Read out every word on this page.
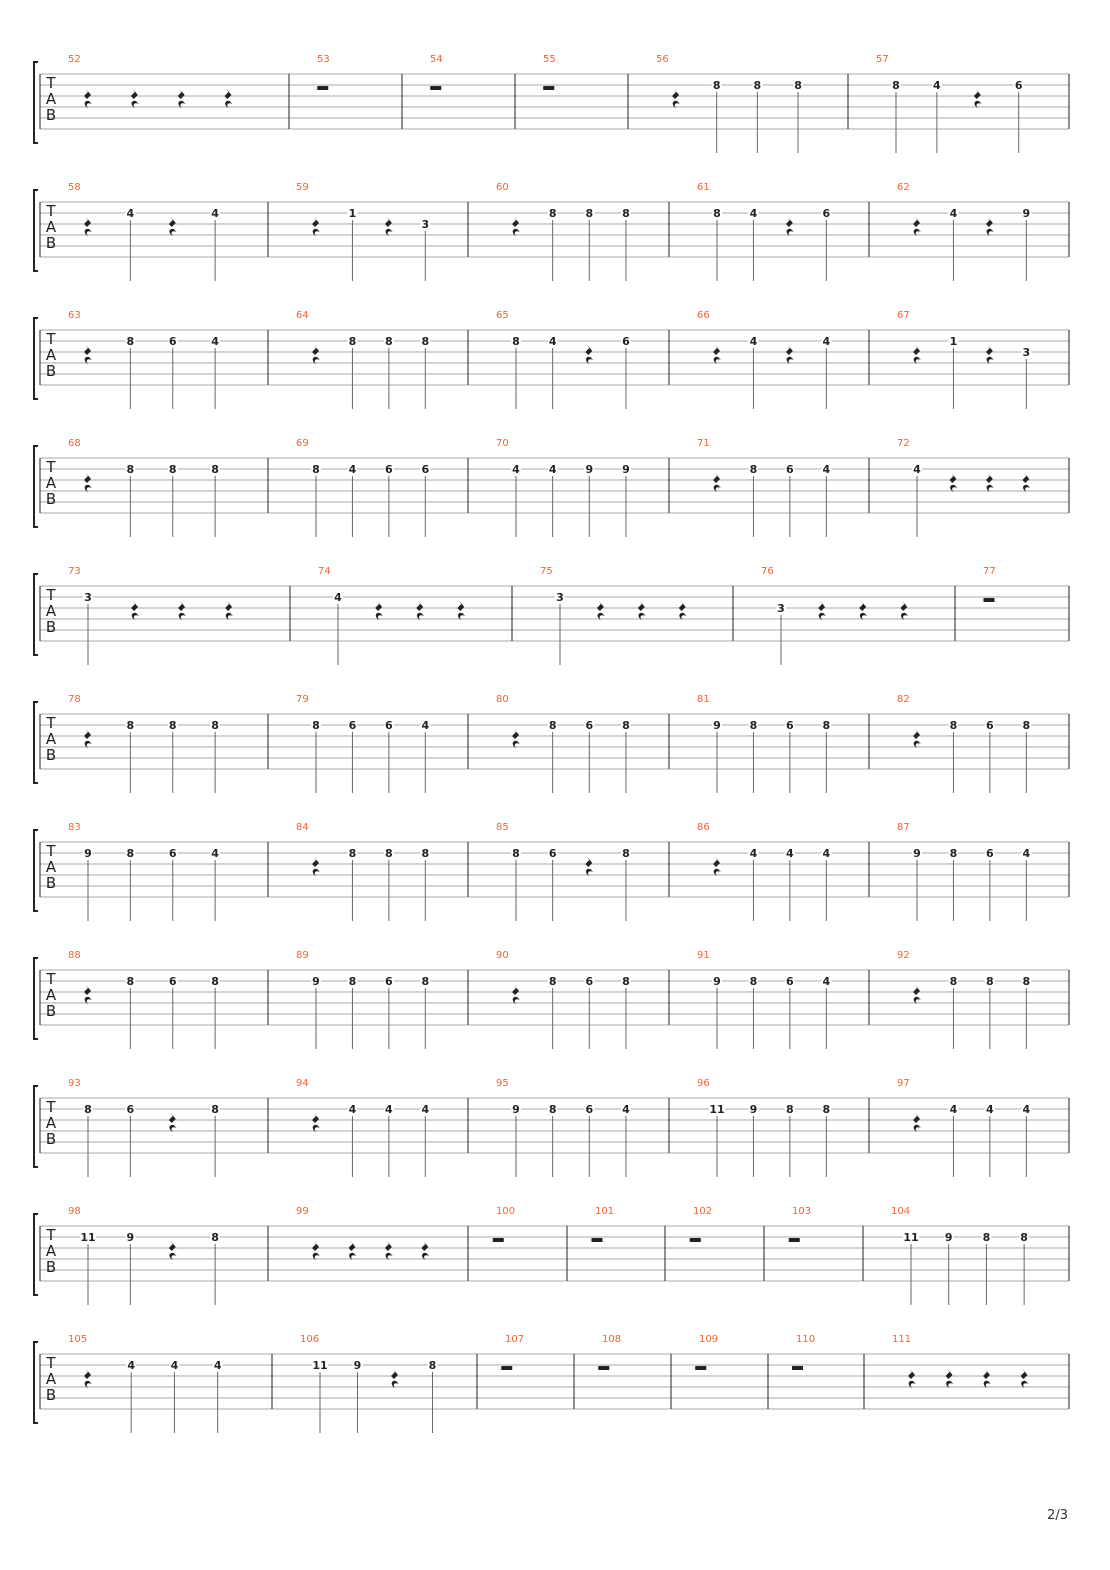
T
A
B
52	53	54	55	56
8	8	8
57
8	4	6
T
A
B
58
4	4
59
1
3
60
8	8	8
61
8	4	6
62
4	9
T
A
B
63
8	6	4
64
8	8	8
65
8	4	6
66
4	4
67
1
3
T
A
B
68
8	8	8
69
8	4	6	6
70
4	4	9	9
71
8	6	4
72
4
T
A
B
73
3
74
4
75
3
76
3
77
T
A
B
78
8	8	8
79
8	6	6	4
80
8	6	8
81
9	8	6	8
82
8	6	8
T
A
B
83
9	8	6	4
84
8	8	8
85
8	6	8
86
4	4	4
87
9	8	6	4
T
A
B
88
8	6	8
89
9	8	6	8
90
8	6	8
91
9	8	6	4
92
8	8	8
T
A
B
93
8	6	8
94
4	4	4
95
9	8	6	4
96
11 9	8	8
97
4	4	4
T
A
B
98
11	9	8
99	100	101	102	103	104
11 9	8	8
T
A
B
105
4	4	4
106
11 9	8
107	108	109	110	111
2/3
